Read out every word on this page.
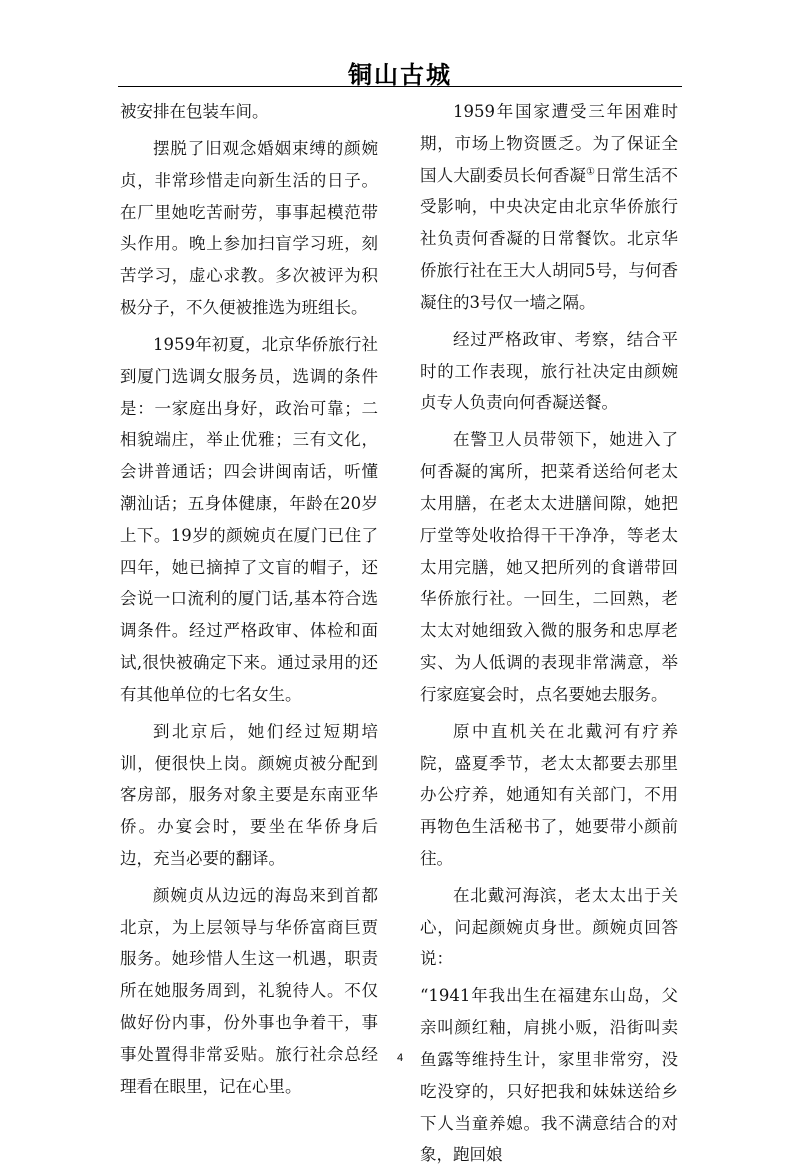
铜山古城

被安排在包装车间。

摆脱了旧观念婚姻束缚的颜婉贞，非常珍惜走向新生活的日子。在厂里她吃苦耐劳，事事起模范带头作用。晚上参加扫盲学习班，刻苦学习，虚心求教。多次被评为积极分子，不久便被推选为班组长。

1959年初夏，北京华侨旅行社到厦门选调女服务员，选调的条件是：一家庭出身好，政治可靠；二相貌端庄，举止优雅；三有文化，会讲普通话；四会讲闽南话，听懂潮汕话；五身体健康，年龄在20岁上下。19岁的颜婉贞在厦门已住了四年，她已摘掉了文盲的帽子，还会说一口流利的厦门话,基本符合选调条件。经过严格政审、体检和面试,很快被确定下来。通过录用的还有其他单位的七名女生。

到北京后，她们经过短期培训，便很快上岗。颜婉贞被分配到客房部，服务对象主要是东南亚华侨。办宴会时，要坐在华侨身后边，充当必要的翻译。

颜婉贞从边远的海岛来到首都北京，为上层领导与华侨富商巨贾服务。她珍惜人生这一机遇，职责所在她服务周到，礼貌待人。不仅做好份内事，份外事也争着干，事事处置得非常妥贴。旅行社佘总经理看在眼里，记在心里。

1959年国家遭受三年困难时期，市场上物资匮乏。为了保证全国人大副委员长何香凝①日常生活不受影响，中央决定由北京华侨旅行社负责何香凝的日常餐饮。北京华侨旅行社在王大人胡同5号，与何香凝住的3号仅一墙之隔。

经过严格政审、考察，结合平时的工作表现，旅行社决定由颜婉贞专人负责向何香凝送餐。

在警卫人员带领下，她进入了何香凝的寓所，把菜肴送给何老太太用膳，在老太太进膳间隙，她把厅堂等处收拾得干干净净，等老太太用完膳，她又把所列的食谱带回华侨旅行社。一回生，二回熟，老太太对她细致入微的服务和忠厚老实、为人低调的表现非常满意，举行家庭宴会时，点名要她去服务。

原中直机关在北戴河有疗养院，盛夏季节，老太太都要去那里办公疗养，她通知有关部门，不用再物色生活秘书了，她要带小颜前往。

在北戴河海滨，老太太出于关心，问起颜婉贞身世。颜婉贞回答说：

“1941年我出生在福建东山岛，父亲叫颜红釉，肩挑小贩，沿街叫卖鱼露等维持生计，家里非常穷，没吃没穿的，只好把我和妹妹送给乡下人当童养媳。我不满意结合的对象，跑回娘

4
